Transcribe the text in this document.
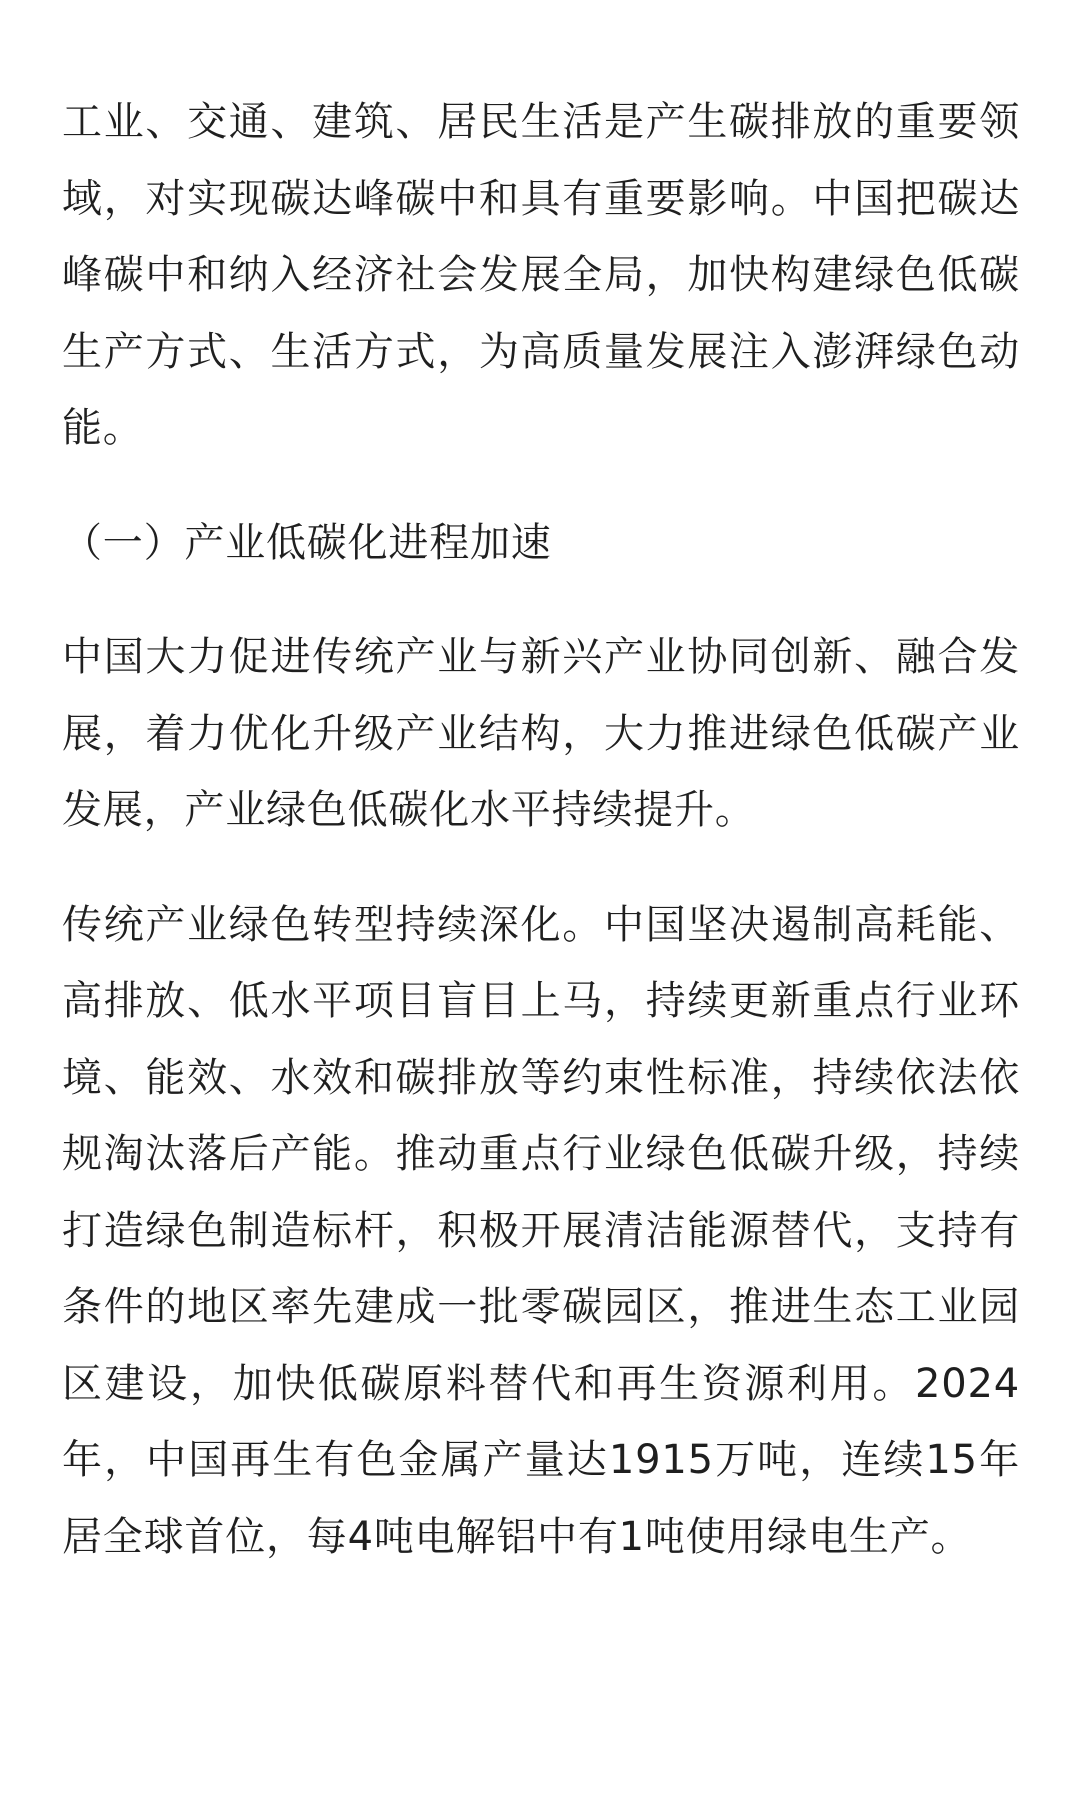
工业、交通、建筑、居民生活是产生碳排放的重要领域，对实现碳达峰碳中和具有重要影响。中国把碳达峰碳中和纳入经济社会发展全局，加快构建绿色低碳生产方式、生活方式，为高质量发展注入澎湃绿色动能。

（一）产业低碳化进程加速

中国大力促进传统产业与新兴产业协同创新、融合发展，着力优化升级产业结构，大力推进绿色低碳产业发展，产业绿色低碳化水平持续提升。

传统产业绿色转型持续深化。中国坚决遏制高耗能、高排放、低水平项目盲目上马，持续更新重点行业环境、能效、水效和碳排放等约束性标准，持续依法依规淘汰落后产能。推动重点行业绿色低碳升级，持续打造绿色制造标杆，积极开展清洁能源替代，支持有条件的地区率先建成一批零碳园区，推进生态工业园区建设，加快低碳原料替代和再生资源利用。2024年，中国再生有色金属产量达1915万吨，连续15年居全球首位，每4吨电解铝中有1吨使用绿电生产。
